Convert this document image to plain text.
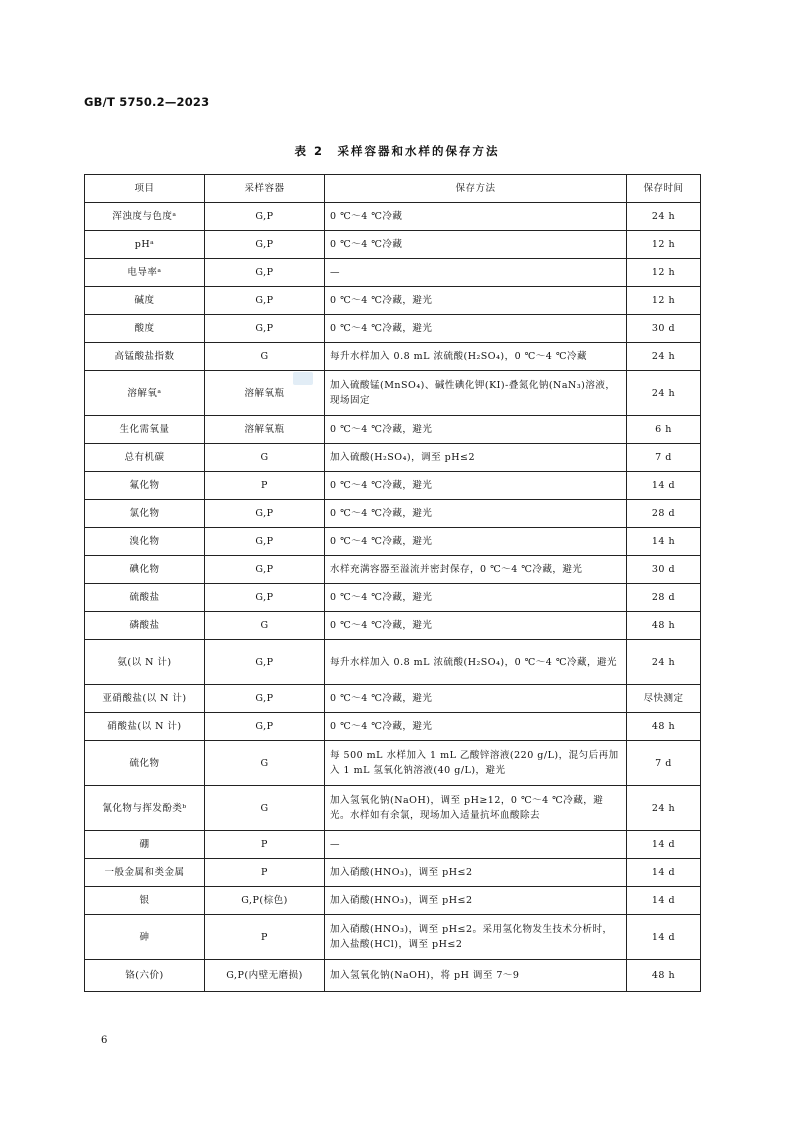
GB/T 5750.2—2023
表 2　采样容器和水样的保存方法
项目	采样容器	保存方法	保存时间
浑浊度与色度ᵃ	G,P	0 ℃～4 ℃冷藏	24 h
pHᵃ	G,P	0 ℃～4 ℃冷藏	12 h
电导率ᵃ	G,P	—	12 h
碱度	G,P	0 ℃～4 ℃冷藏，避光	12 h
酸度	G,P	0 ℃～4 ℃冷藏，避光	30 d
高锰酸盐指数	G	每升水样加入 0.8 mL 浓硫酸(H₂SO₄)，0 ℃～4 ℃冷藏	24 h
溶解氧ᵃ	溶解氧瓶	加入硫酸锰(MnSO₄)、碱性碘化钾(KI)-叠氮化钠(NaN₃)溶液，现场固定	24 h
生化需氧量	溶解氧瓶	0 ℃～4 ℃冷藏，避光	6 h
总有机碳	G	加入硫酸(H₂SO₄)，调至 pH≤2	7 d
氟化物	P	0 ℃～4 ℃冷藏，避光	14 d
氯化物	G,P	0 ℃～4 ℃冷藏，避光	28 d
溴化物	G,P	0 ℃～4 ℃冷藏，避光	14 h
碘化物	G,P	水样充满容器至溢流并密封保存，0 ℃～4 ℃冷藏，避光	30 d
硫酸盐	G,P	0 ℃～4 ℃冷藏，避光	28 d
磷酸盐	G	0 ℃～4 ℃冷藏，避光	48 h
氨(以 N 计)	G,P	每升水样加入 0.8 mL 浓硫酸(H₂SO₄)，0 ℃～4 ℃冷藏，避光	24 h
亚硝酸盐(以 N 计)	G,P	0 ℃～4 ℃冷藏，避光	尽快测定
硝酸盐(以 N 计)	G,P	0 ℃～4 ℃冷藏，避光	48 h
硫化物	G	每 500 mL 水样加入 1 mL 乙酸锌溶液(220 g/L)，混匀后再加入 1 mL 氢氧化钠溶液(40 g/L)，避光	7 d
氰化物与挥发酚类ᵇ	G	加入氢氧化钠(NaOH)，调至 pH≥12，0 ℃～4 ℃冷藏，避光。水样如有余氯，现场加入适量抗坏血酸除去	24 h
硼	P	—	14 d
一般金属和类金属	P	加入硝酸(HNO₃)，调至 pH≤2	14 d
银	G,P(棕色)	加入硝酸(HNO₃)，调至 pH≤2	14 d
砷	P	加入硝酸(HNO₃)，调至 pH≤2。采用氢化物发生技术分析时，加入盐酸(HCl)，调至 pH≤2	14 d
铬(六价)	G,P(内壁无磨损)	加入氢氧化钠(NaOH)，将 pH 调至 7～9	48 h
6
